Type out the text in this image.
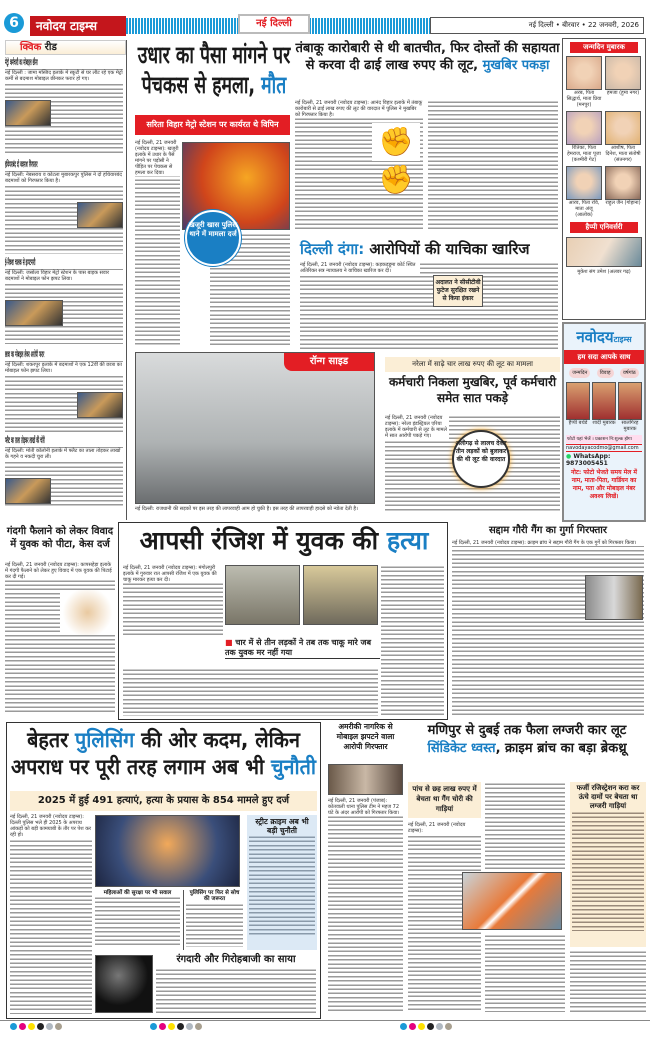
6	नवोदय टाइम्स	नई दिल्ली	नई दिल्ली • बीरवार • 22 जनवरी, 2026
क्विक रीड
मेट्रो कर्मचारी का मोबाइल छीना
नई दिल्ली : जामा मस्जिद इलाके में स्कूटी से घर लौट रहे एक मेट्रो कर्मी से बदमाश मोबाइल छीनकर फरार हो गए।
हथियारबंद दो बदमाश गिरफ्तार
नई दिल्ली: नेबसराय व कोटला मुबारकपुर पुलिस ने दो हथियारबंद बदमाशों को गिरफ्तार किया है।
ई-रिक्शा चालक से झपटमारी
नई दिल्ली: जसोला विहार मेट्रो स्टेशन के पास बाइक सवार बदमाशों ने मोबाइल फोन झपट लिया।
छात्रा का मोबाइल लेकर आरोपी फरार
नई दिल्ली: शकरपुर इलाके में बदमाशों ने एक 12वीं की छात्रा का मोबाइल फोन झपट लिया।
फ्लैट का ताला तोड़कर लाखों की चोरी
नई दिल्ली: मोती कॉलोनी इलाके में फ्लैट का ताला तोड़कर लाखों के गहने व नकदी चुरा ली।
उधार का पैसा मांगने पर पेचकस से हमला, मौत
सरिता विहार मेट्रो स्टेशन पर कार्यरत थे विपिन
नई दिल्ली, 21 जनवरी (नवोदय टाइम्स): खजूरी इलाके में उधार के पैसे मांगने पर पड़ोसी ने पीड़ित पर पेचकस से हमला कर दिया।
खजूरी खास पुलिस थाने में मामला दर्ज
रॉन्ग साइड
नई दिल्ली: राजधानी की सड़कों पर इस तरह की लापरवाही आम हो चुकी है। इस तरह की लापरवाही हादसे को न्योता देती है।
तंबाकू कारोबारी से थी बातचीत, फिर दोस्तों की सहायता से करवा दी ढाई लाख रुपए की लूट, मुखबिर पकड़ा
नई दिल्ली, 21 जनवरी (नवोदय टाइम्स): आनंद विहार इलाके में तंबाकू कारोबारी से ढाई लाख रुपए की लूट की वारदात में पुलिस ने मुखबिर को गिरफ्तार किया है।
✊✊
दिल्ली दंगा: आरोपियों की याचिका खारिज
नई दिल्ली, 21 जनवरी (नवोदय टाइम्स): कड़कड़डूमा कोर्ट स्थित अतिरिक्त सत्र न्यायालय ने याचिका खारिज कर दी।
अदालत ने सीसीटीवी फुटेज सुरक्षित रखने से किया इंकार
नरेला में साढ़े चार लाख रुपए की लूट का मामला
कर्मचारी निकला मुखबिर, पूर्व कर्मचारी समेत सात पकड़े
नई दिल्ली, 21 जनवरी (नवोदय टाइम्स): नरेला इंडस्ट्रियल एरिया इलाके में कर्मचारी से लूट के मामले में सात आरोपी पकड़े गए।
अलीगढ़ से लालच देकर तीन लड़कों को बुलाकर की थी लूट की वारदात
जन्मदिन मुबारक
अरब, पिता सिद्धार्थ, माता प्रिया (मनपुर)
हमजा (हुमा नगर)
रितिका, पिता हेमराज, माता पूजा (कश्मीरी गेट)
आशीष, पिता दिनेश, माता संतोषी (संतनगर)
आरव, पिता रवि, माता अंजू (आलोक)
राहुल जैन (गोहाना)
हैप्पी एनिवर्सरी
मुकेश संग उमेश (अलवर गढ़)
नवोदयटाइम्स
हम सदा आपके साथ
जन्मदिन	विवाह	वर्षगांठ
हैप्पी बर्थडे	शादी मुबारक	सालगिरह मुबारक
फोटो यहां भेजें । प्रकाशन नि:शुल्क होगा
navodayacodmo@gmail.com
● WhatsApp: 9873005451
नोट: फोटो भेजते समय मेल में नाम, माता-पिता, गार्डियन का नाम, पता और मोबाइल नंबर अवश्य लिखें।
गंदगी फैलाने को लेकर विवाद में युवक को पीटा, केस दर्ज
नई दिल्ली, 21 जनवरी (नवोदय टाइम्स): कापसहेड़ा इलाके में गंदगी फैलाने को लेकर हुए विवाद में एक युवक की पिटाई कर दी गई।
आपसी रंजिश में युवक की हत्या
नई दिल्ली, 21 जनवरी (नवोदय टाइम्स): मंगोलपुरी इलाके में गुरुवार रात आपसी रंजिश में एक युवक की चाकू मारकर हत्या कर दी।
■ चार में से तीन लड़कों ने तब तक चाकू मारे जब तक युवक मर नहीं गया
सद्दाम गौरी गैंग का गुर्गा गिरफ्तार
नई दिल्ली, 21 जनवरी (नवोदय टाइम्स): क्राइम ब्रांच ने सद्दाम गौरी गैंग के एक गुर्गे को गिरफ्तार किया।
बेहतर पुलिसिंग की ओर कदम, लेकिन अपराध पर पूरी तरह लगाम अब भी चुनौती
2025 में हुई 491 हत्याएं, हत्या के प्रयास के 854 मामले हुए दर्ज
नई दिल्ली, 21 जनवरी (नवोदय टाइम्स): दिल्ली पुलिस भले ही 2025 के अपराध आंकड़ों को बड़ी कामयाबी के तौर पर पेश कर रही हो।
महिलाओं की सुरक्षा पर भी सवाल	पुलिसिंग पर फिर से सोच की जरूरत
स्ट्रीट क्राइम अब भी बड़ी चुनौती
रंगदारी और गिरोहबाजी का साया
अमरीकी नागरिक से मोबाइल झपटने वाला आरोपी गिरफ्तार
नई दिल्ली, 21 जनवरी (पंजाब): कोतवाली थाना पुलिस टीम ने महज 72 घंटे के अंदर आरोपी को गिरफ्तार किया।
मणिपुर से दुबई तक फैला लग्जरी कार लूट सिंडिकेट ध्वस्त, क्राइम ब्रांच का बड़ा ब्रेकथ्रू
पांच से छह लाख रुपए में बेचता था गैंग चोरी की गाड़ियां
नई दिल्ली, 21 जनवरी (नवोदय टाइम्स):
फर्जी रजिस्ट्रेशन करा कर ऊंचे दामों पर बेचता था लग्जरी गाड़ियां
